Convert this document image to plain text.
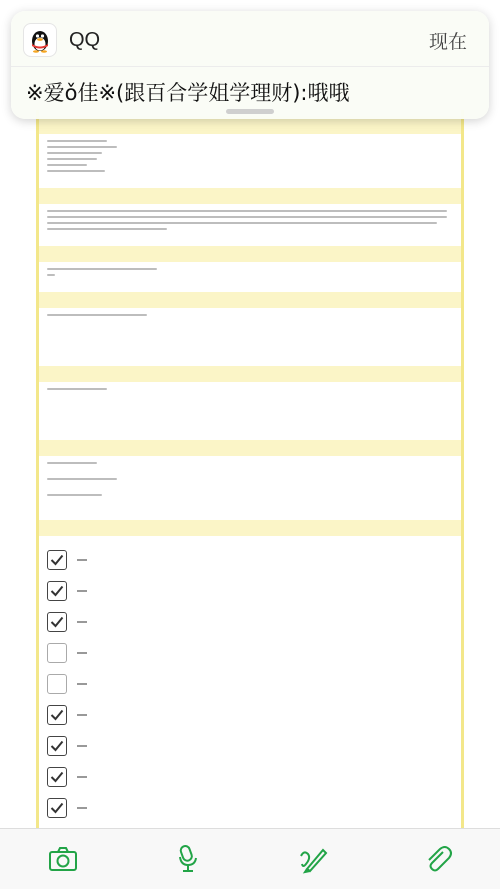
QQ	现在
※爱ǒ佳※(跟百合学姐学理财):哦哦
